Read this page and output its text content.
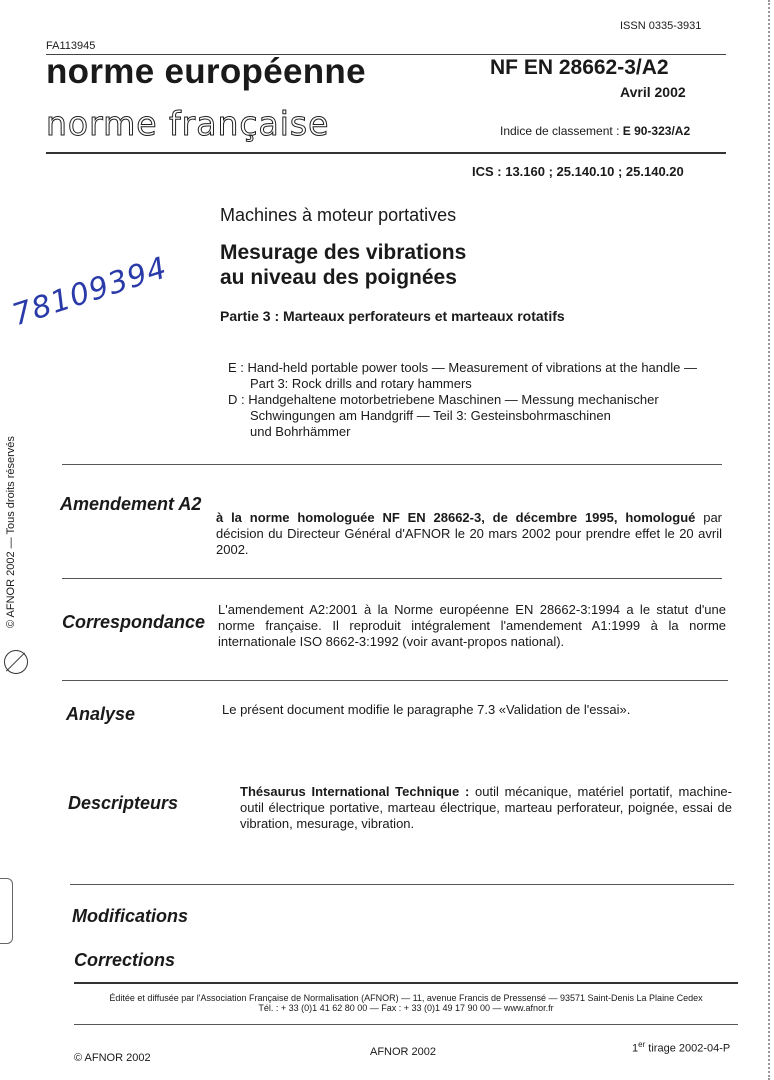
ISSN 0335-3931
FA113945
norme européenne	NF EN 28662-3/A2
Avril 2002
norme française	Indice de classement : E 90-323/A2
ICS : 13.160 ; 25.140.10 ; 25.140.20
78109394
© AFNOR 2002 — Tous droits réservés
Machines à moteur portatives
Mesurage des vibrations
au niveau des poignées
Partie 3 : Marteaux perforateurs et marteaux rotatifs
E : Hand-held portable power tools — Measurement of vibrations at the handle —
Part 3: Rock drills and rotary hammers
D : Handgehaltene motorbetriebene Maschinen — Messung mechanischer
Schwingungen am Handgriff — Teil 3: Gesteinsbohrmaschinen
und Bohrhämmer
Amendement A2
à la norme homologuée NF EN 28662-3, de décembre 1995, homologué par décision du Directeur Général d'AFNOR le 20 mars 2002 pour prendre effet le 20 avril 2002.
Correspondance
L'amendement A2:2001 à la Norme européenne EN 28662-3:1994 a le statut d'une norme française. Il reproduit intégralement l'amendement A1:1999 à la norme internationale ISO 8662-3:1992 (voir avant-propos national).
Analyse	Le présent document modifie le paragraphe 7.3 «Validation de l'essai».
Descripteurs
Thésaurus International Technique : outil mécanique, matériel portatif, machine-outil électrique portative, marteau électrique, marteau perforateur, poignée, essai de vibration, mesurage, vibration.
Modifications
Corrections
Éditée et diffusée par l'Association Française de Normalisation (AFNOR) — 11, avenue Francis de Pressensé — 93571 Saint-Denis La Plaine Cedex
Tél. : + 33 (0)1 41 62 80 00 — Fax : + 33 (0)1 49 17 90 00 — www.afnor.fr
© AFNOR 2002	AFNOR 2002	1er tirage 2002-04-P
